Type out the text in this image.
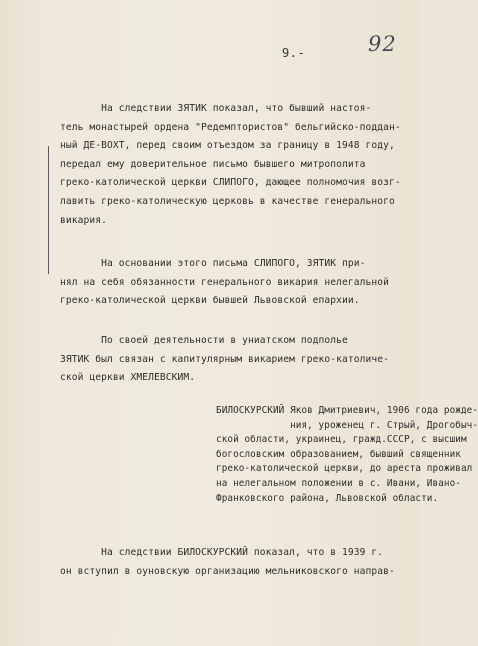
9.-	92
На следствии ЗЯТИК показал, что бывший настоя-
тель монастырей ордена "Редемптористов" бельгийско-поддан-
ный ДЕ-ВОХТ, перед своим отъездом за границу в 1948 году,
передал ему доверительное письмо бывшего митрополита
греко-католической церкви СЛИПОГО, дающее полномочия возг-
лавить греко-католическую церковь в качестве генерального
викария.
На основании этого письма СЛИПОГО, ЗЯТИК при-
нял на себя обязанности генерального викария нелегальной
греко-католической церкви бывшей Львовской епархии.
По своей деятельности в униатском подполье
ЗЯТИК был связан с капитулярным викарием греко-католиче-
ской церкви ХМЕЛЕВСКИМ.
БИЛОСКУРСКИЙ Яков Дмитриевич, 1906 года рожде-
ния, уроженец г. Стрый, Дрогобыч-
ской области, украинец, гражд.СССР, с высшим
богословским образованием, бывший священник
греко-католической церкви, до ареста проживал
на нелегальном положении в с. Ивани, Ивано-
Франковского района, Львовской области.
На следствии БИЛОСКУРСКИЙ показал, что в 1939 г.
он вступил в оуновскую организацию мельниковского направ-
